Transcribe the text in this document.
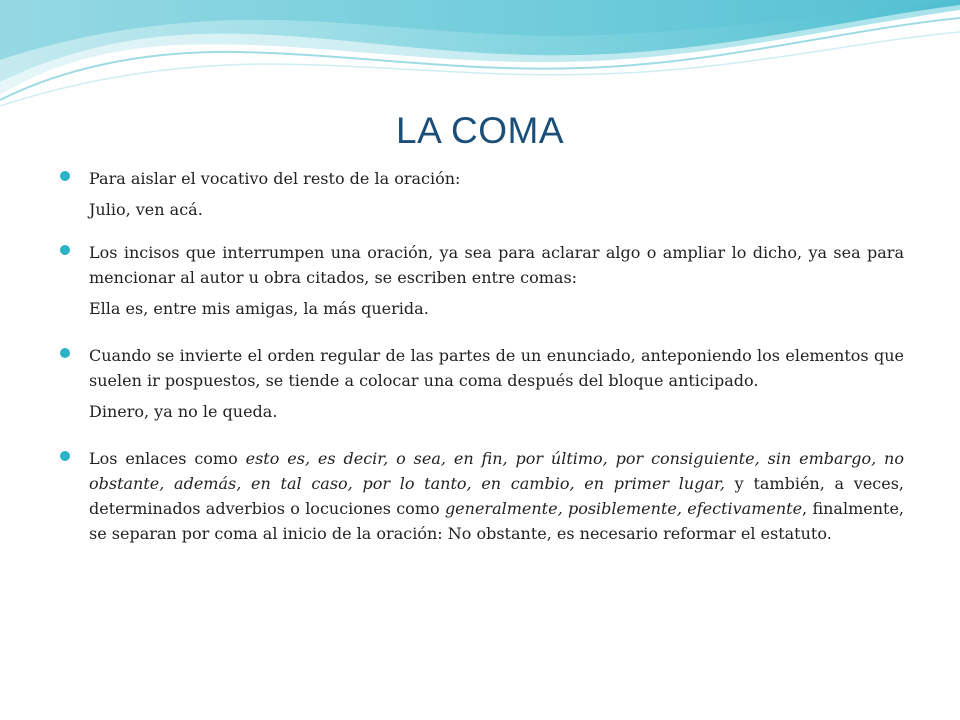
LA COMA
Para aislar el vocativo del resto de la oración:
Julio, ven acá.
Los incisos que interrumpen una oración, ya sea para aclarar algo o ampliar lo dicho, ya sea para mencionar al autor u obra citados, se escriben entre comas:
Ella es, entre mis amigas, la más querida.
Cuando se invierte el orden regular de las partes de un enunciado, anteponiendo los elementos que suelen ir pospuestos, se tiende a colocar una coma después del bloque anticipado.
Dinero, ya no le queda.
Los enlaces como esto es, es decir, o sea, en fin, por último, por consiguiente, sin embargo, no obstante, además, en tal caso, por lo tanto, en cambio, en primer lugar, y también, a veces, determinados adverbios o locuciones como generalmente, posiblemente, efectivamente, finalmente, se separan por coma al inicio de la oración: No obstante, es necesario reformar el estatuto.
